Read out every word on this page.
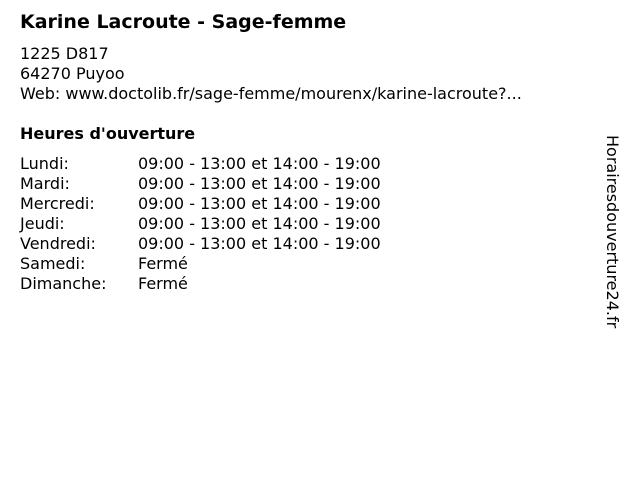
Karine Lacroute - Sage-femme
1225 D817
64270 Puyoo
Web: www.doctolib.fr/sage-femme/mourenx/karine-lacroute?...
Heures d'ouverture
Lundi:	09:00 - 13:00 et 14:00 - 19:00
Mardi:	09:00 - 13:00 et 14:00 - 19:00
Mercredi:	09:00 - 13:00 et 14:00 - 19:00
Jeudi:	09:00 - 13:00 et 14:00 - 19:00
Vendredi:	09:00 - 13:00 et 14:00 - 19:00
Samedi:	Fermé
Dimanche:	Fermé	Horairesdouverture24.fr
